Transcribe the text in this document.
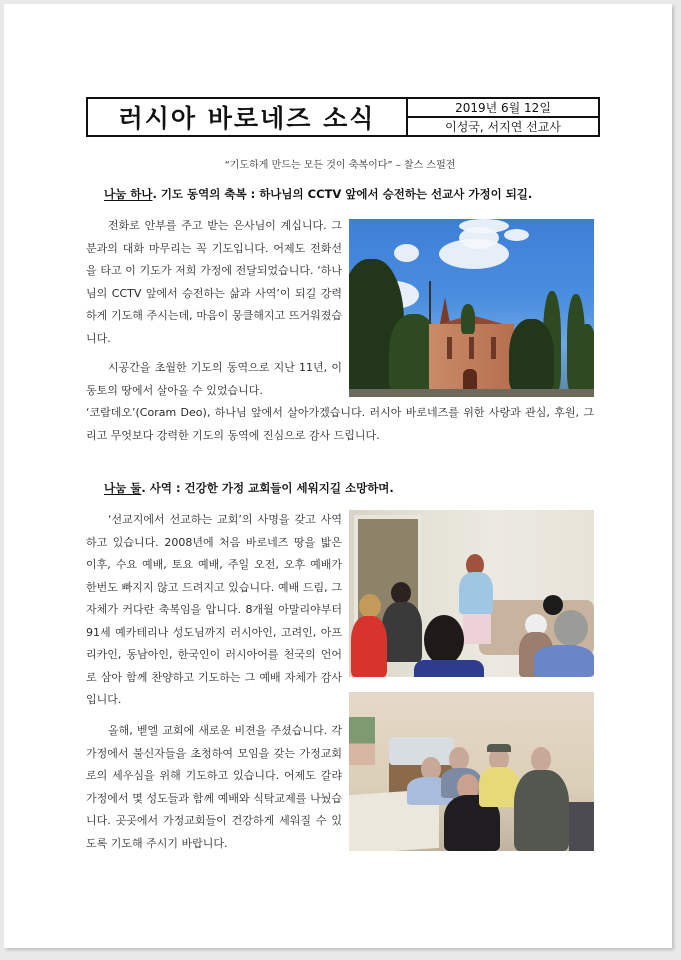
러시아 바로네즈 소식	2019년 6월 12일
이성국, 서지연 선교사
“기도하게 만드는 모든 것이 축복이다” – 찰스 스펄전
나눔 하나. 기도 동역의 축복 : 하나님의 CCTV 앞에서 승전하는 선교사 가정이 되길.

전화로 안부를 주고 받는 은사님이 계십니다. 그분과의 대화 마무리는 꼭 기도입니다. 어제도 전화선을 타고 이 기도가 저희 가정에 전달되었습니다. ‘하나님의 CCTV 앞에서 승전하는 삶과 사역’이 되길 강력하게 기도해 주시는데, 마음이 뭉클해지고 뜨거워졌습니다.

시공간을 초월한 기도의 동역으로 지난 11년, 이 동토의 땅에서 살아올 수 있었습니다.

‘코람데오’(Coram Deo), 하나님 앞에서 살아가겠습니다. 러시아 바로네즈를 위한 사랑과 관심, 후원, 그리고 무엇보다 강력한 기도의 동역에 진심으로 감사 드립니다.

나눔 둘. 사역 : 건강한 가정 교회들이 세워지길 소망하며.

‘선교지에서 선교하는 교회’의 사명을 갖고 사역하고 있습니다. 2008년에 처음 바로네즈 땅을 밟은 이후, 수요 예배, 토요 예배, 주일 오전, 오후 예배가 한번도 빠지지 않고 드려지고 있습니다. 예배 드림, 그 자체가 커다란 축복임을 압니다. 8개월 아말리야부터 91세 예카테리나 성도님까지 러시아인, 고려인, 아프리카인, 동남아인, 한국인이 러시아어를 천국의 언어로 삼아 함께 찬양하고 기도하는 그 예배 자체가 감사입니다.

올해, 벧엘 교회에 새로운 비젼을 주셨습니다. 각 가정에서 불신자들을 초청하여 모임을 갖는 가정교회로의 세우심을 위해 기도하고 있습니다. 어제도 갈랴 가정에서 몇 성도들과 함께 예배와 식탁교제를 나눴습니다. 곳곳에서 가정교회들이 건강하게 세워질 수 있도록 기도해 주시기 바랍니다.
